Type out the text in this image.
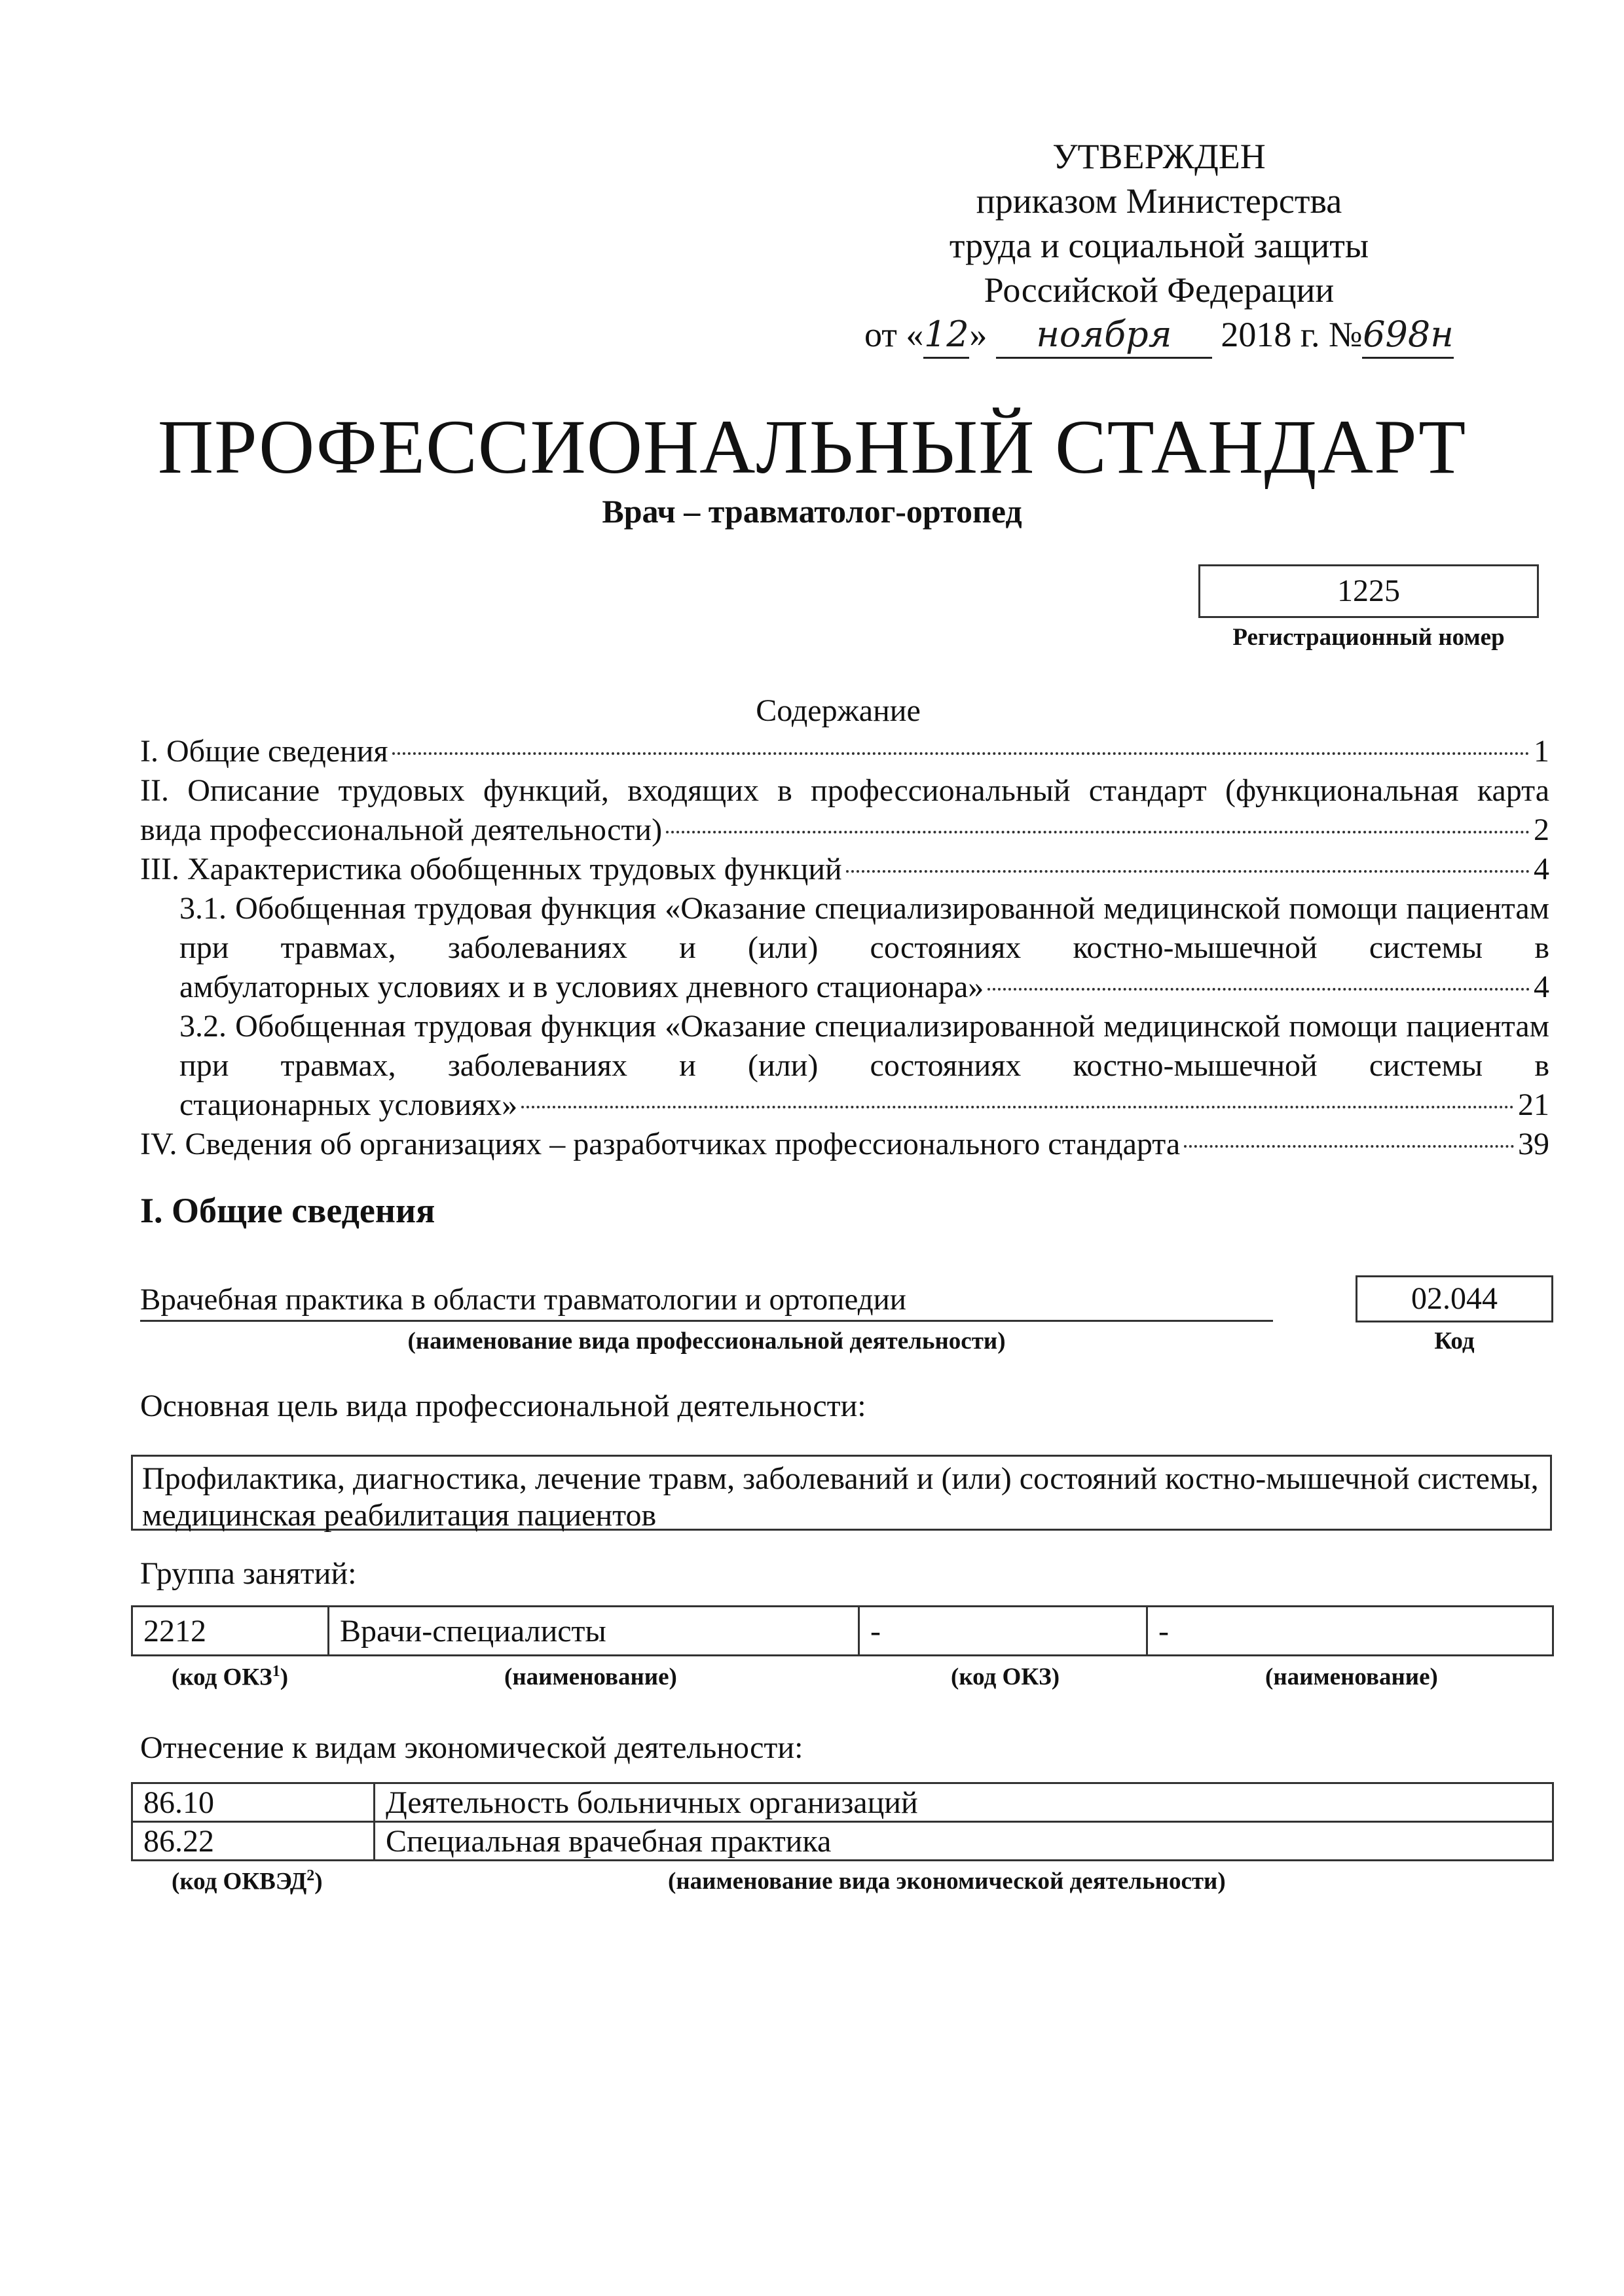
УТВЕРЖДЕН
приказом Министерства
труда и социальной защиты
Российской Федерации
от «12» ноября 2018 г. №698н
ПРОФЕССИОНАЛЬНЫЙ СТАНДАРТ
Врач – травматолог-ортопед
1225
Регистрационный номер
Содержание
I. Общие сведения	1
II. Описание трудовых функций, входящих в профессиональный стандарт (функциональная карта
вида профессиональной деятельности)	2
III. Характеристика обобщенных трудовых функций	4
3.1. Обобщенная трудовая функция «Оказание специализированной медицинской помощи пациентам при травмах, заболеваниях и (или) состояниях костно-мышечной системы в
амбулаторных условиях и в условиях дневного стационара»	4
3.2. Обобщенная трудовая функция «Оказание специализированной медицинской помощи пациентам при травмах, заболеваниях и (или) состояниях костно-мышечной системы в
стационарных условиях»	21
IV. Сведения об организациях – разработчиках профессионального стандарта	39
I. Общие сведения
Врачебная практика в области травматологии и ортопедии
(наименование вида профессиональной деятельности)
02.044
Код
Основная цель вида профессиональной деятельности:
Профилактика, диагностика, лечение травм, заболеваний и (или) состояний костно-мышечной системы, медицинская реабилитация пациентов
Группа занятий:
2212	Врачи-специалисты	-	-
(код ОКЗ$^1$)	(наименование)	(код ОКЗ)	(наименование)
Отнесение к видам экономической деятельности:
86.10	Деятельность больничных организаций
86.22	Специальная врачебная практика
(код ОКВЭД$^2$)	(наименование вида экономической деятельности)
